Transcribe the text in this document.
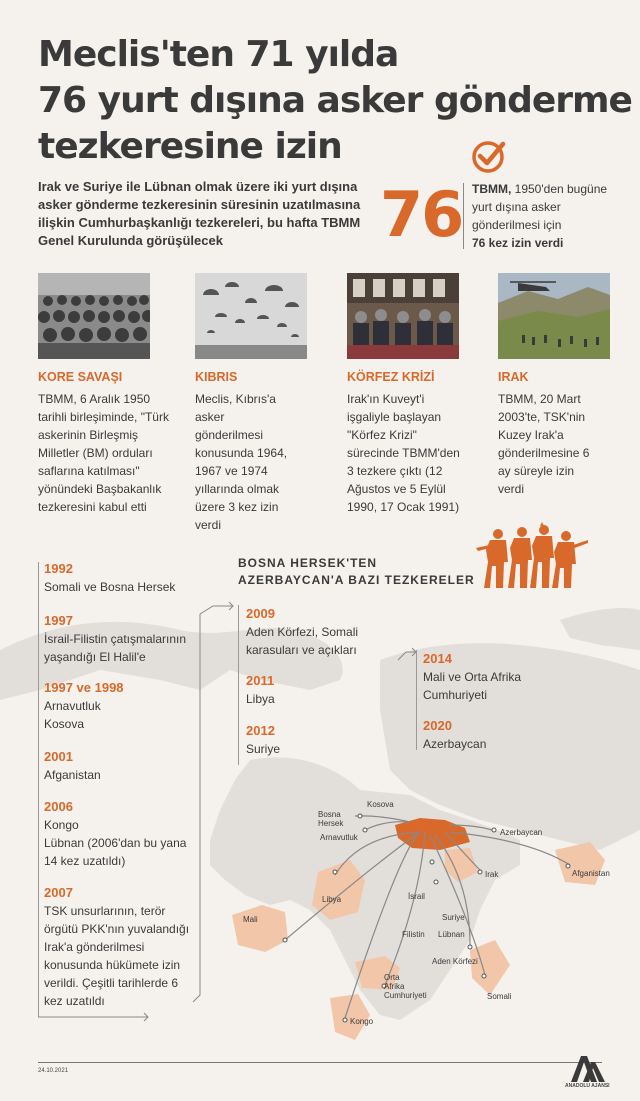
Meclis'ten 71 yılda
76 yurt dışına asker gönderme
tezkeresine izin
Irak ve Suriye ile Lübnan olmak üzere iki yurt dışına asker gönderme tezkeresinin süresinin uzatılmasına ilişkin Cumhurbaşkanlığı tezkereleri, bu hafta TBMM Genel Kurulunda görüşülecek	76 TBMM, 1950'den bugüne yurt dışına asker gönderilmesi için
76 kez izin verdi
KORE SAVAŞI
TBMM, 6 Aralık 1950 tarihli birleşiminde, "Türk askerinin Birleşmiş Milletler (BM) orduları saflarına katılması" yönündeki Başbakanlık tezkeresini kabul etti
KIBRIS
Meclis, Kıbrıs'a asker gönderilmesi konusunda 1964, 1967 ve 1974 yıllarında olmak üzere 3 kez izin verdi
KÖRFEZ KRİZİ
Irak'ın Kuveyt'i işgaliyle başlayan "Körfez Krizi" sürecinde TBMM'den 3 tezkere çıktı (12 Ağustos ve 5 Eylül 1990, 17 Ocak 1991)
IRAK
TBMM, 20 Mart 2003'te, TSK'nin Kuzey Irak'a gönderilmesine 6 ay süreyle izin verdi
BOSNA HERSEK'TEN
AZERBAYCAN'A BAZI TEZKERELER
1992
Somali ve Bosna Hersek
1997
İsrail-Filistin çatışmalarının yaşandığı El Halil'e
1997 ve 1998
Arnavutluk
Kosova
2001
Afganistan
2006
Kongo
Lübnan (2006'dan bu yana 14 kez uzatıldı)
2007
TSK unsurlarının, terör örgütü PKK'nın yuvalandığı Irak'a gönderilmesi konusunda hükümete izin verildi. Çeşitli tarihlerde 6 kez uzatıldı
2009
Aden Körfezi, Somali karasuları ve açıkları
2011
Libya
2012
Suriye
2014
Mali ve Orta Afrika Cumhuriyeti
2020
Azerbaycan
Kosova
Bosna
Hersek
Arnavutluk
Azerbaycan
Afganistan
Irak
Libya
Mali
İsrail
Suriye
Filistin Lübnan
Aden Körfezi
Orta
Afrika
Cumhuriyeti	Somali
Kongo
24.10.2021
ANADOLU AJANSI
